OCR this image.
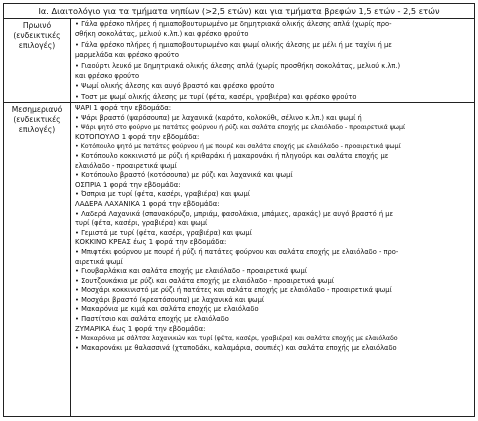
Ια. Διαιτολόγιο για τα τμήματα νηπίων (>2,5 ετών) και για τμήματα βρεφών 1,5 ετών - 2,5 ετών
Πρωινό
(ενδεικτικές επιλογές)
• Γάλα φρέσκο πλήρες ή ημιαποβουτυρωμένο με δημητριακά ολικής άλεσης απλά (χωρίς προ-
σθήκη σοκολάτας, μελιού κ.λπ.) και φρέσκο φρούτο
• Γάλα φρέσκο πλήρες ή ημιαποβουτυρωμένο και ψωμί ολικής άλεσης με μέλι ή με ταχίνι ή με
μαρμελάδα και φρέσκο φρούτο
• Γιαούρτι λευκό με δημητριακά ολικής άλεσης απλά (χωρίς προσθήκη σοκολάτας, μελιού κ.λπ.)
και φρέσκο φρούτο
• Ψωμί ολικής άλεσης και αυγό βραστό και φρέσκο φρούτο
• Τοστ με ψωμί ολικής άλεσης με τυρί (φέτα, κασέρι, γραβιέρα) και φρέσκο φρούτο
Μεσημεριανό
(ενδεικτικές επιλογές)
ΨΑΡΙ 1 φορά την εβδομάδα:
• Ψάρι βραστό (ψαρόσουπα) με λαχανικά (καρότο, κολοκύθι, σέλινο κ.λπ.) και ψωμί ή
• Ψάρι ψητό στο φούρνο με πατάτες φούρνου ή ρύζι και σαλάτα εποχής με ελαιόλαδο - προαιρετικά ψωμί
ΚΟΤΟΠΟΥΛΟ 1 φορά την εβδομάδα:
• Κοτόπουλο ψητό με πατάτες φούρνου ή με πουρέ και σαλάτα εποχής με ελαιόλαδο - προαιρετικά ψωμί
• Κοτόπουλο κοκκινιστό με ρύζι ή κριθαράκι ή μακαρονάκι ή πληγούρι και σαλάτα εποχής με
ελαιόλαδο - προαιρετικά ψωμί
• Κοτόπουλο βραστό (κοτόσουπα) με ρύζι και λαχανικά και ψωμί
ΟΣΠΡΙΑ 1 φορά την εβδομάδα:
• Όσπρια με τυρί (φέτα, κασέρι, γραβιέρα) και ψωμί
ΛΑΔΕΡΑ ΛΑΧΑΝΙΚΑ 1 φορά την εβδομάδα:
• Λαδερά Λαχανικά (σπανακόρυζο, μπριάμ, φασολάκια, μπάμιες, αρακάς) με αυγό βραστό ή με
τυρί (φέτα, κασέρι, γραβιέρα) και ψωμί
• Γεμιστά με τυρί (φέτα, κασέρι, γραβιέρα) και ψωμί
ΚΟΚΚΙΝΟ ΚΡΕΑΣ έως 1 φορά την εβδομάδα:
• Μπιφτέκι φούρνου με πουρέ ή ρύζι ή πατάτες φούρνου και σαλάτα εποχής με ελαιόλαδο - προ-
αιρετικά ψωμί
• Γιουβαρλάκια και σαλάτα εποχής με ελαιόλαδο - προαιρετικά ψωμί
• Σουτζουκάκια με ρύζι και σαλάτα εποχής με ελαιόλαδο - προαιρετικά ψωμί
• Μοσχάρι κοκκινιστό με ρύζι ή πατάτες και σαλάτα εποχής με ελαιόλαδο - προαιρετικά ψωμί
• Μοσχάρι βραστό (κρεατόσουπα) με λαχανικά και ψωμί
• Μακαρόνια με κιμά και σαλάτα εποχής με ελαιόλαδο
• Παστίτσιο και σαλάτα εποχής με ελαιόλαδο
ΖΥΜΑΡΙΚΑ έως 1 φορά την εβδομάδα:
• Μακαρόνια με σάλτσα λαχανικών και τυρί (φέτα, κασέρι, γραβιέρα) και σαλάτα εποχής με ελαιόλαδο
• Μακαρονάκι με θαλασσινά (χταποδάκι, καλαμάρια, σουπιές) και σαλάτα εποχής με ελαιόλαδο
